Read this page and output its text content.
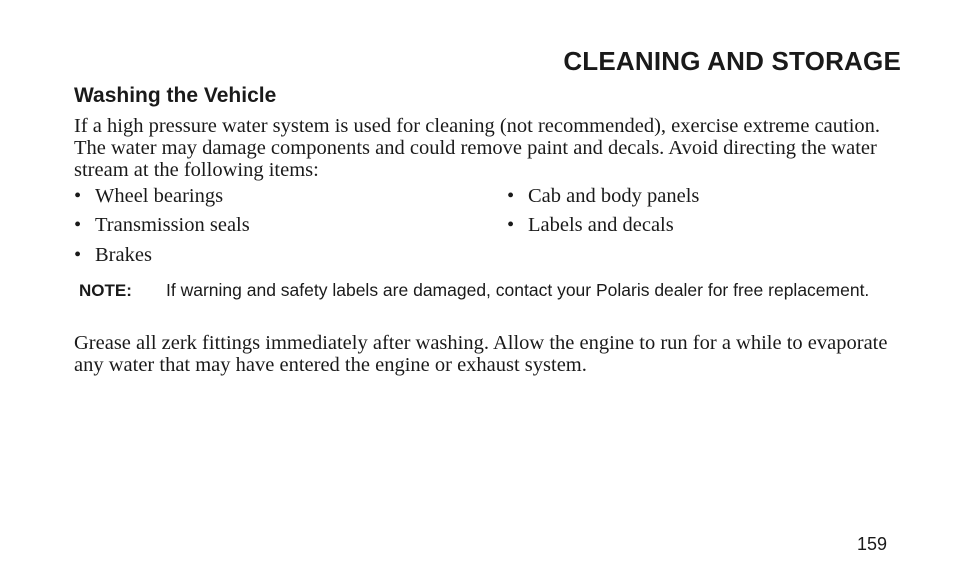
CLEANING AND STORAGE
Washing the Vehicle

If a high pressure water system is used for cleaning (not recommended), exercise extreme caution. The water may damage components and could remove paint and decals. Avoid directing the water stream at the following items:

• Wheel bearings

• Transmission seals

• Brakes

• Cab and body panels

• Labels and decals

NOTE: If warning and safety labels are damaged, contact your Polaris dealer for free replacement.

Grease all zerk fittings immediately after washing. Allow the engine to run for a while to evaporate any water that may have entered the engine or exhaust system.

159
